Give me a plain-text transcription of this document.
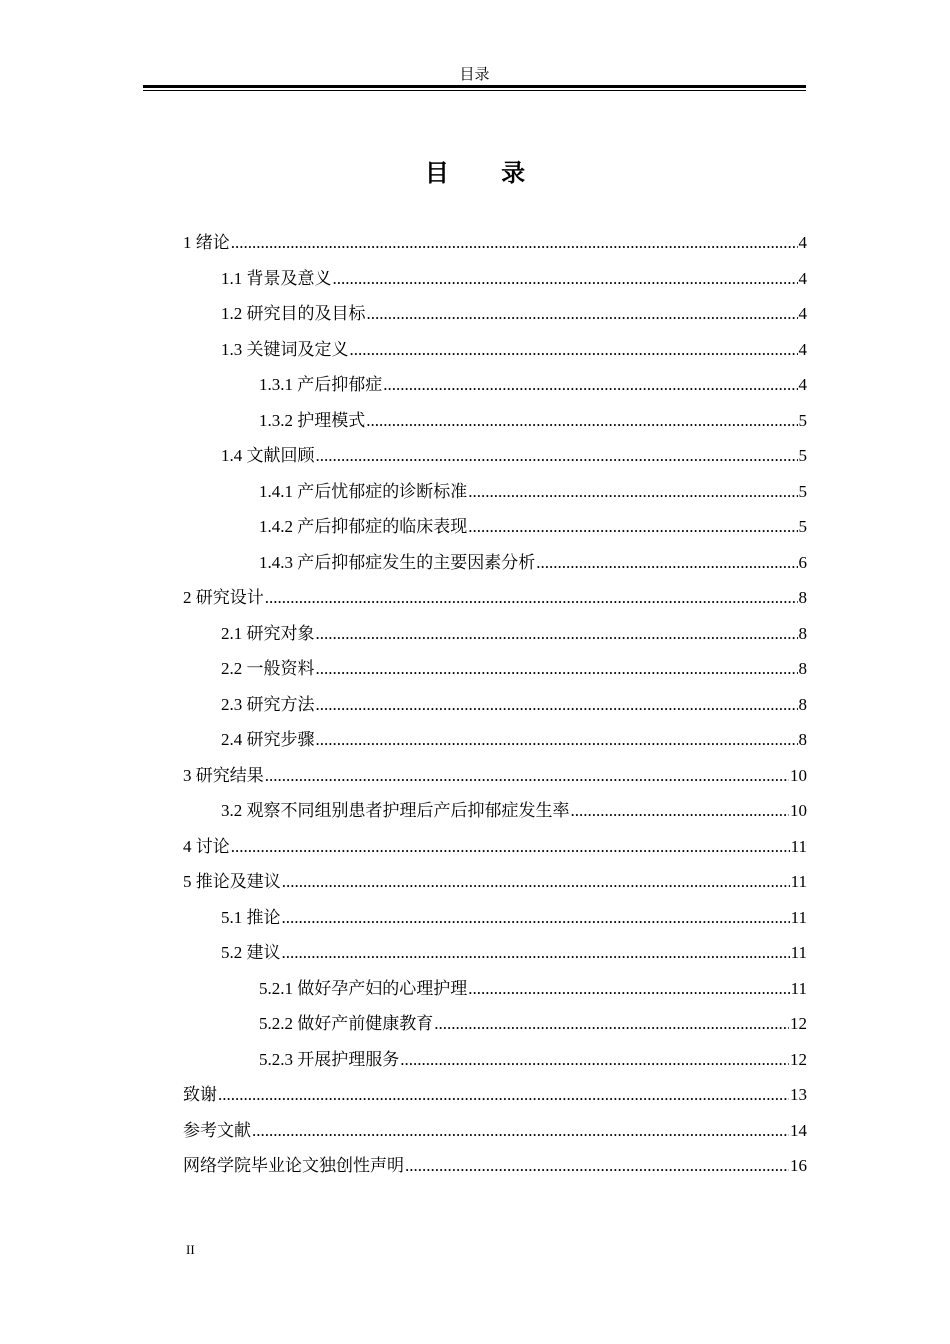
目录
目 录
1 绪论 .....	4
1.1 背景及意义 .....	4
1.2 研究目的及目标 .....	4
1.3 关键词及定义 .....	4
1.3.1 产后抑郁症 .....	4
1.3.2 护理模式 .....	5
1.4 文献回顾 .....	5
1.4.1 产后忧郁症的诊断标准 .....	5
1.4.2 产后抑郁症的临床表现 .....	5
1.4.3 产后抑郁症发生的主要因素分析 .....	6
2 研究设计 .....	8
2.1 研究对象 .....	8
2.2 一般资料 .....	8
2.3 研究方法 .....	8
2.4 研究步骤 .....	8
3 研究结果 .....	10
3.2 观察不同组别患者护理后产后抑郁症发生率 .....	10
4 讨论 .....	11
5 推论及建议 .....	11
5.1 推论 .....	11
5.2 建议 .....	11
5.2.1 做好孕产妇的心理护理 .....	11
5.2.2 做好产前健康教育 .....	12
5.2.3 开展护理服务 .....	12
致谢 .....	13
参考文献 .....	14
网络学院毕业论文独创性声明 .....	16
II
